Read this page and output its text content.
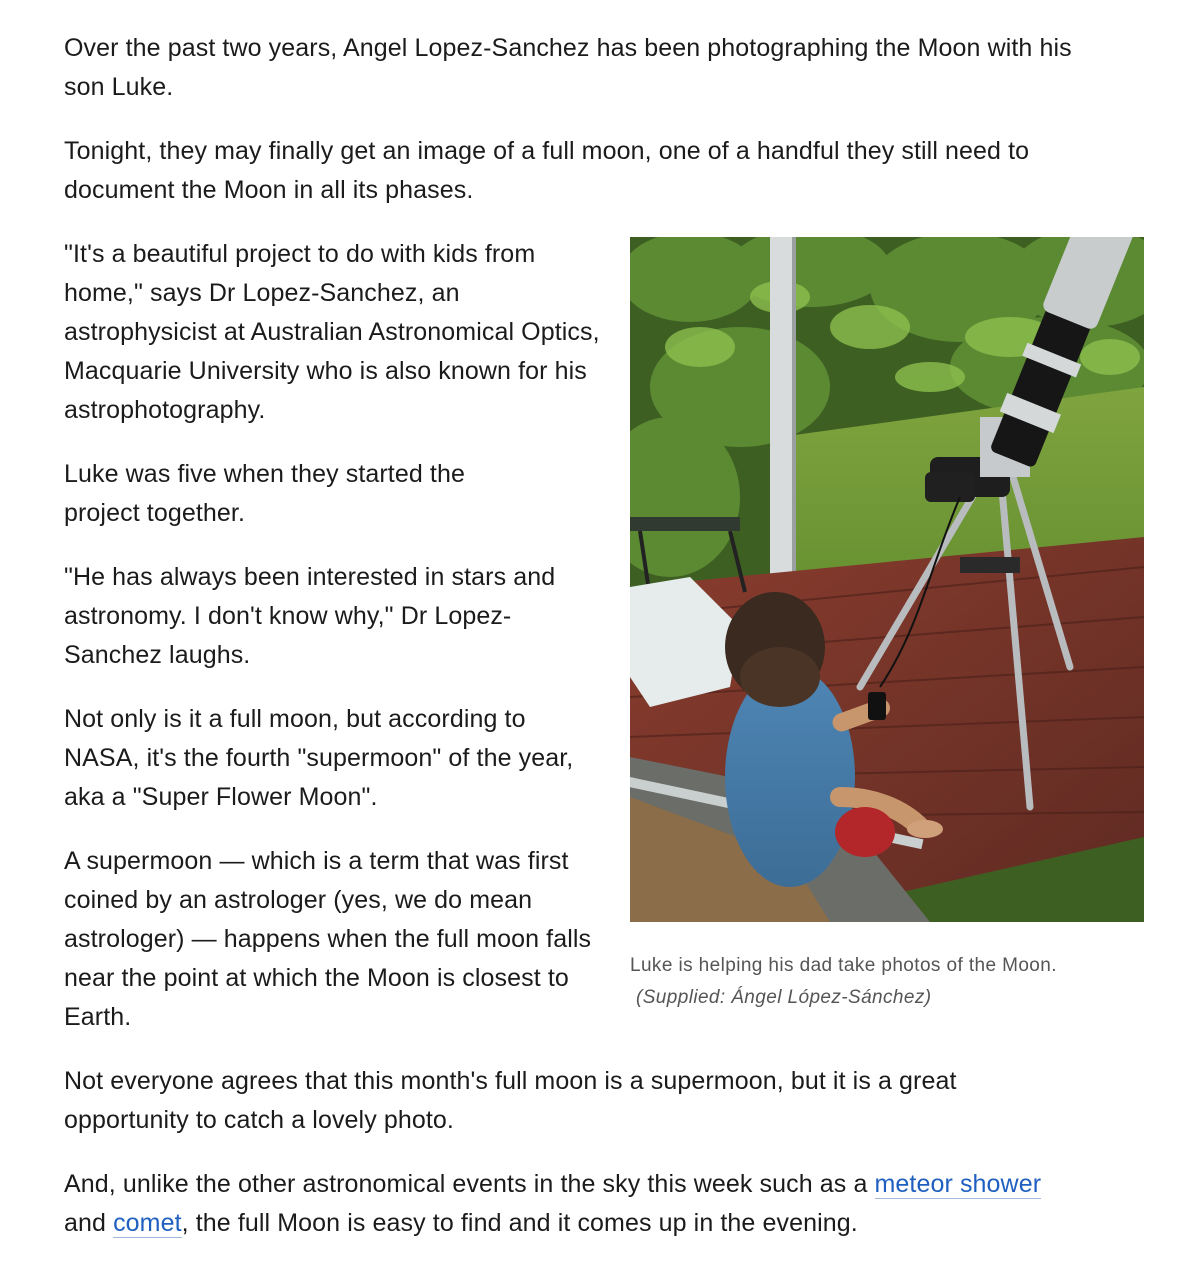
Over the past two years, Angel Lopez-Sanchez has been photographing the Moon with his son Luke.

Tonight, they may finally get an image of a full moon, one of a handful they still need to document the Moon in all its phases.

"It's a beautiful project to do with kids from home," says Dr Lopez-Sanchez, an astrophysicist at Australian Astronomical Optics, Macquarie University who is also known for his astrophotography.

Luke was five when they started the project together.

"He has always been interested in stars and astronomy. I don't know why," Dr Lopez-Sanchez laughs.

Not only is it a full moon, but according to NASA, it's the fourth "supermoon" of the year, aka a "Super Flower Moon".

A supermoon — which is a term that was first coined by an astrologer (yes, we do mean astrologer) — happens when the full moon falls near the point at which the Moon is closest to Earth.

Not everyone agrees that this month's full moon is a supermoon, but it is a great opportunity to catch a lovely photo.

And, unlike the other astronomical events in the sky this week such as a meteor shower and comet, the full Moon is easy to find and it comes up in the evening.

Luke is helping his dad take photos of the Moon.
(Supplied: Ángel López-Sánchez)
